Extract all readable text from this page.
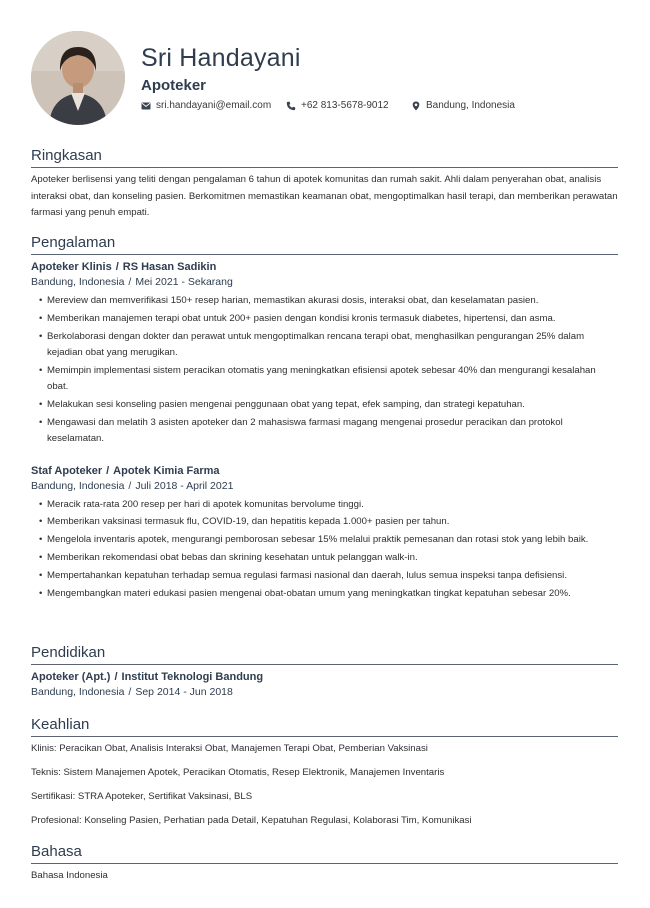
Sri Handayani
Apoteker
sri.handayani@email.com	+62 813-5678-9012	Bandung, Indonesia
Ringkasan

Apoteker berlisensi yang teliti dengan pengalaman 6 tahun di apotek komunitas dan rumah sakit. Ahli dalam penyerahan obat, analisis interaksi obat, dan konseling pasien. Berkomitmen memastikan keamanan obat, mengoptimalkan hasil terapi, dan memberikan perawatan farmasi yang penuh empati.

Pengalaman
Apoteker Klinis / RS Hasan Sadikin
Bandung, Indonesia / Mei 2021 - Sekarang
• Mereview dan memverifikasi 150+ resep harian, memastikan akurasi dosis, interaksi obat, dan keselamatan pasien.
• Memberikan manajemen terapi obat untuk 200+ pasien dengan kondisi kronis termasuk diabetes, hipertensi, dan asma.
• Berkolaborasi dengan dokter dan perawat untuk mengoptimalkan rencana terapi obat, menghasilkan pengurangan 25% dalam kejadian obat yang merugikan.
• Memimpin implementasi sistem peracikan otomatis yang meningkatkan efisiensi apotek sebesar 40% dan mengurangi kesalahan obat.
• Melakukan sesi konseling pasien mengenai penggunaan obat yang tepat, efek samping, dan strategi kepatuhan.
• Mengawasi dan melatih 3 asisten apoteker dan 2 mahasiswa farmasi magang mengenai prosedur peracikan dan protokol keselamatan.
Staf Apoteker / Apotek Kimia Farma
Bandung, Indonesia / Juli 2018 - April 2021
• Meracik rata-rata 200 resep per hari di apotek komunitas bervolume tinggi.
• Memberikan vaksinasi termasuk flu, COVID-19, dan hepatitis kepada 1.000+ pasien per tahun.
• Mengelola inventaris apotek, mengurangi pemborosan sebesar 15% melalui praktik pemesanan dan rotasi stok yang lebih baik.
• Memberikan rekomendasi obat bebas dan skrining kesehatan untuk pelanggan walk-in.
• Mempertahankan kepatuhan terhadap semua regulasi farmasi nasional dan daerah, lulus semua inspeksi tanpa defisiensi.
• Mengembangkan materi edukasi pasien mengenai obat-obatan umum yang meningkatkan tingkat kepatuhan sebesar 20%.
Pendidikan
Apoteker (Apt.) / Institut Teknologi Bandung
Bandung, Indonesia / Sep 2014 - Jun 2018
Keahlian
Klinis: Peracikan Obat, Analisis Interaksi Obat, Manajemen Terapi Obat, Pemberian Vaksinasi
Teknis: Sistem Manajemen Apotek, Peracikan Otomatis, Resep Elektronik, Manajemen Inventaris
Sertifikasi: STRA Apoteker, Sertifikat Vaksinasi, BLS
Profesional: Konseling Pasien, Perhatian pada Detail, Kepatuhan Regulasi, Kolaborasi Tim, Komunikasi
Bahasa
Bahasa Indonesia
